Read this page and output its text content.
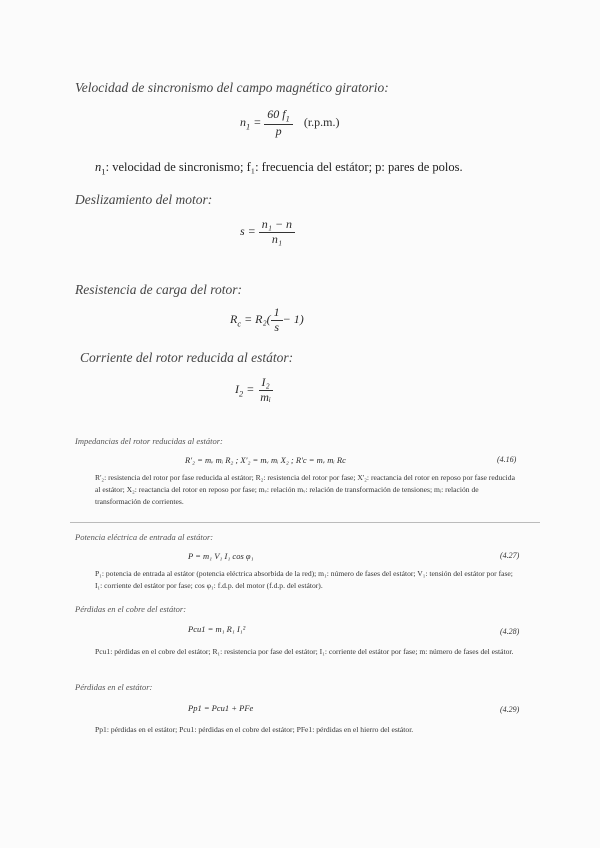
Velocidad de sincronismo del campo magnético giratorio:
$n_1 = \frac{60 f_1}{p} (r.p.m.)$
$n_1$: velocidad de sincronismo; f₁: frecuencia del estátor; p: pares de polos.
Deslizamiento del motor:
$s = \frac{\text{n₁ − n}}{\text{n₁}}$
Resistencia de carga del rotor:
$R_c = R_2( \frac{1}{s} - 1)$
Corriente del rotor reducida al estátor:
$I_2 = \frac{\text{I₂}}{\text{mᵢ}}$
Impedancias del rotor reducidas al estátor:
R'₂ = mᵥ mᵢ R₂ ; X'₂ = mᵥ mᵢ X₂ ; R'c = mᵥ mᵢ Rc	(4.16)
R'₂: resistencia del rotor por fase reducida al estátor; R₂: resistencia del rotor por fase; X'₂: reactancia del rotor en reposo por fase reducida al estátor; X₂: reactancia del rotor en reposo por fase; mᵥ: relación mᵥ: relación de transformación de tensiones; mᵢ: relación de transformación de corrientes.
Potencia eléctrica de entrada al estátor:
P = m₁ V₁ I₁ cos φ₁	(4.27)
P₁: potencia de entrada al estátor (potencia eléctrica absorbida de la red); m₁: número de fases del estátor; V₁: tensión del estátor por fase; I₁: corriente del estátor por fase; cos φ₁: f.d.p. del motor (f.d.p. del estátor).
Pérdidas en el cobre del estátor:
Pcu1 = m₁ R₁ I₁²	(4.28)
Pcu1: pérdidas en el cobre del estátor; R₁: resistencia por fase del estátor; I₁: corriente del estátor por fase; m: número de fases del estátor.
Pérdidas en el estátor:
Pp1 = Pcu1 + PFe	(4.29)
Pp1: pérdidas en el estátor; Pcu1: pérdidas en el cobre del estátor; PFe1: pérdidas en el hierro del estátor.
